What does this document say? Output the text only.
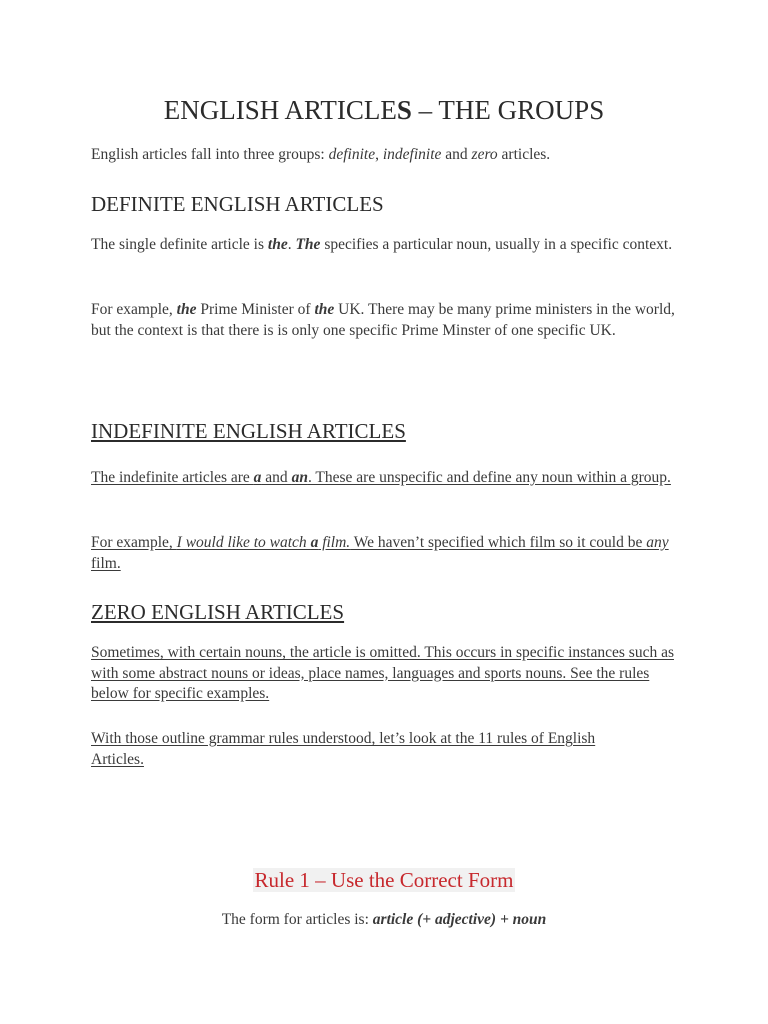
ENGLISH ARTICLES – THE GROUPS

English articles fall into three groups: definite, indefinite and zero articles.

DEFINITE ENGLISH ARTICLES

The single definite article is the. The specifies a particular noun, usually in a specific context.

For example, the Prime Minister of the UK. There may be many prime ministers in the world, but the context is that there is is only one specific Prime Minster of one specific UK.

INDEFINITE ENGLISH ARTICLES

The indefinite articles are a and an. These are unspecific and define any noun within a group.

For example, I would like to watch a film. We haven’t specified which film so it could be any film.

ZERO ENGLISH ARTICLES

Sometimes, with certain nouns, the article is omitted. This occurs in specific instances such as with some abstract nouns or ideas, place names, languages and sports nouns. See the rules below for specific examples.

With those outline grammar rules understood, let’s look at the 11 rules of English Articles.

Rule 1 – Use the Correct Form

The form for articles is: article (+ adjective) + noun
